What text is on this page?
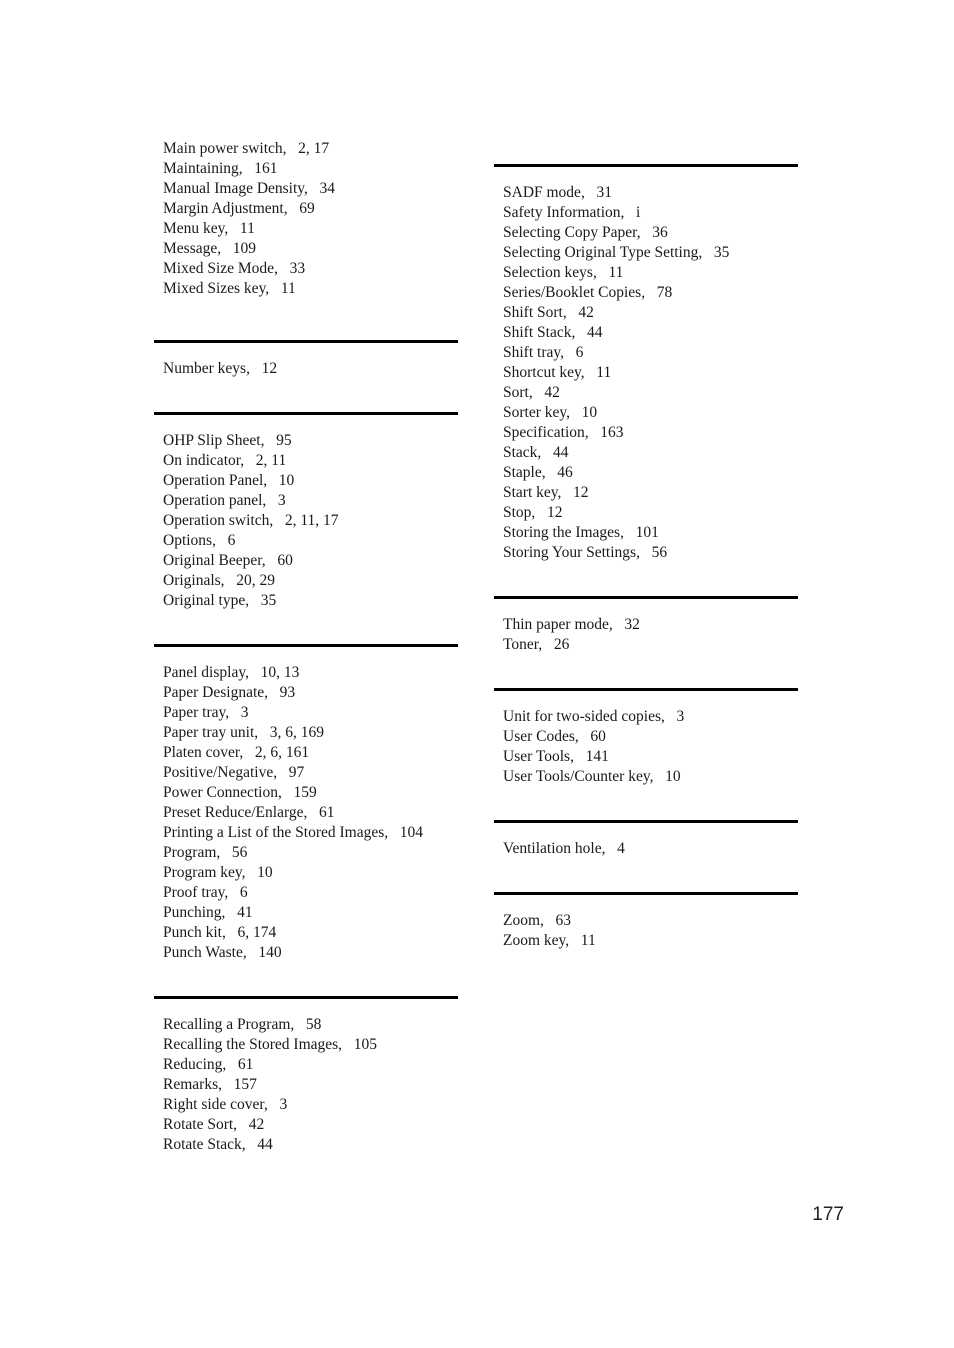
Main power switch,  2, 17
Maintaining,  161
Manual Image Density,  34
Margin Adjustment,  69
Menu key,  11
Message,  109
Mixed Size Mode,  33
Mixed Sizes key,  11
Number keys,  12
OHP Slip Sheet,  95
On indicator,  2, 11
Operation Panel,  10
Operation panel,  3
Operation switch,  2, 11, 17
Options,  6
Original Beeper,  60
Originals,  20, 29
Original type,  35
Panel display,  10, 13
Paper Designate,  93
Paper tray,  3
Paper tray unit,  3, 6, 169
Platen cover,  2, 6, 161
Positive/Negative,  97
Power Connection,  159
Preset Reduce/Enlarge,  61
Printing a List of the Stored Images,  104
Program,  56
Program key,  10
Proof tray,  6
Punching,  41
Punch kit,  6, 174
Punch Waste,  140
Recalling a Program,  58
Recalling the Stored Images,  105
Reducing,  61
Remarks,  157
Right side cover,  3
Rotate Sort,  42
Rotate Stack,  44
SADF mode,  31
Safety Information,  i
Selecting Copy Paper,  36
Selecting Original Type Setting,  35
Selection keys,  11
Series/Booklet Copies,  78
Shift Sort,  42
Shift Stack,  44
Shift tray,  6
Shortcut key,  11
Sort,  42
Sorter key,  10
Specification,  163
Stack,  44
Staple,  46
Start key,  12
Stop,  12
Storing the Images,  101
Storing Your Settings,  56
Thin paper mode,  32
Toner,  26
Unit for two-sided copies,  3
User Codes,  60
User Tools,  141
User Tools/Counter key,  10
Ventilation hole,  4
Zoom,  63
Zoom key,  11
177
